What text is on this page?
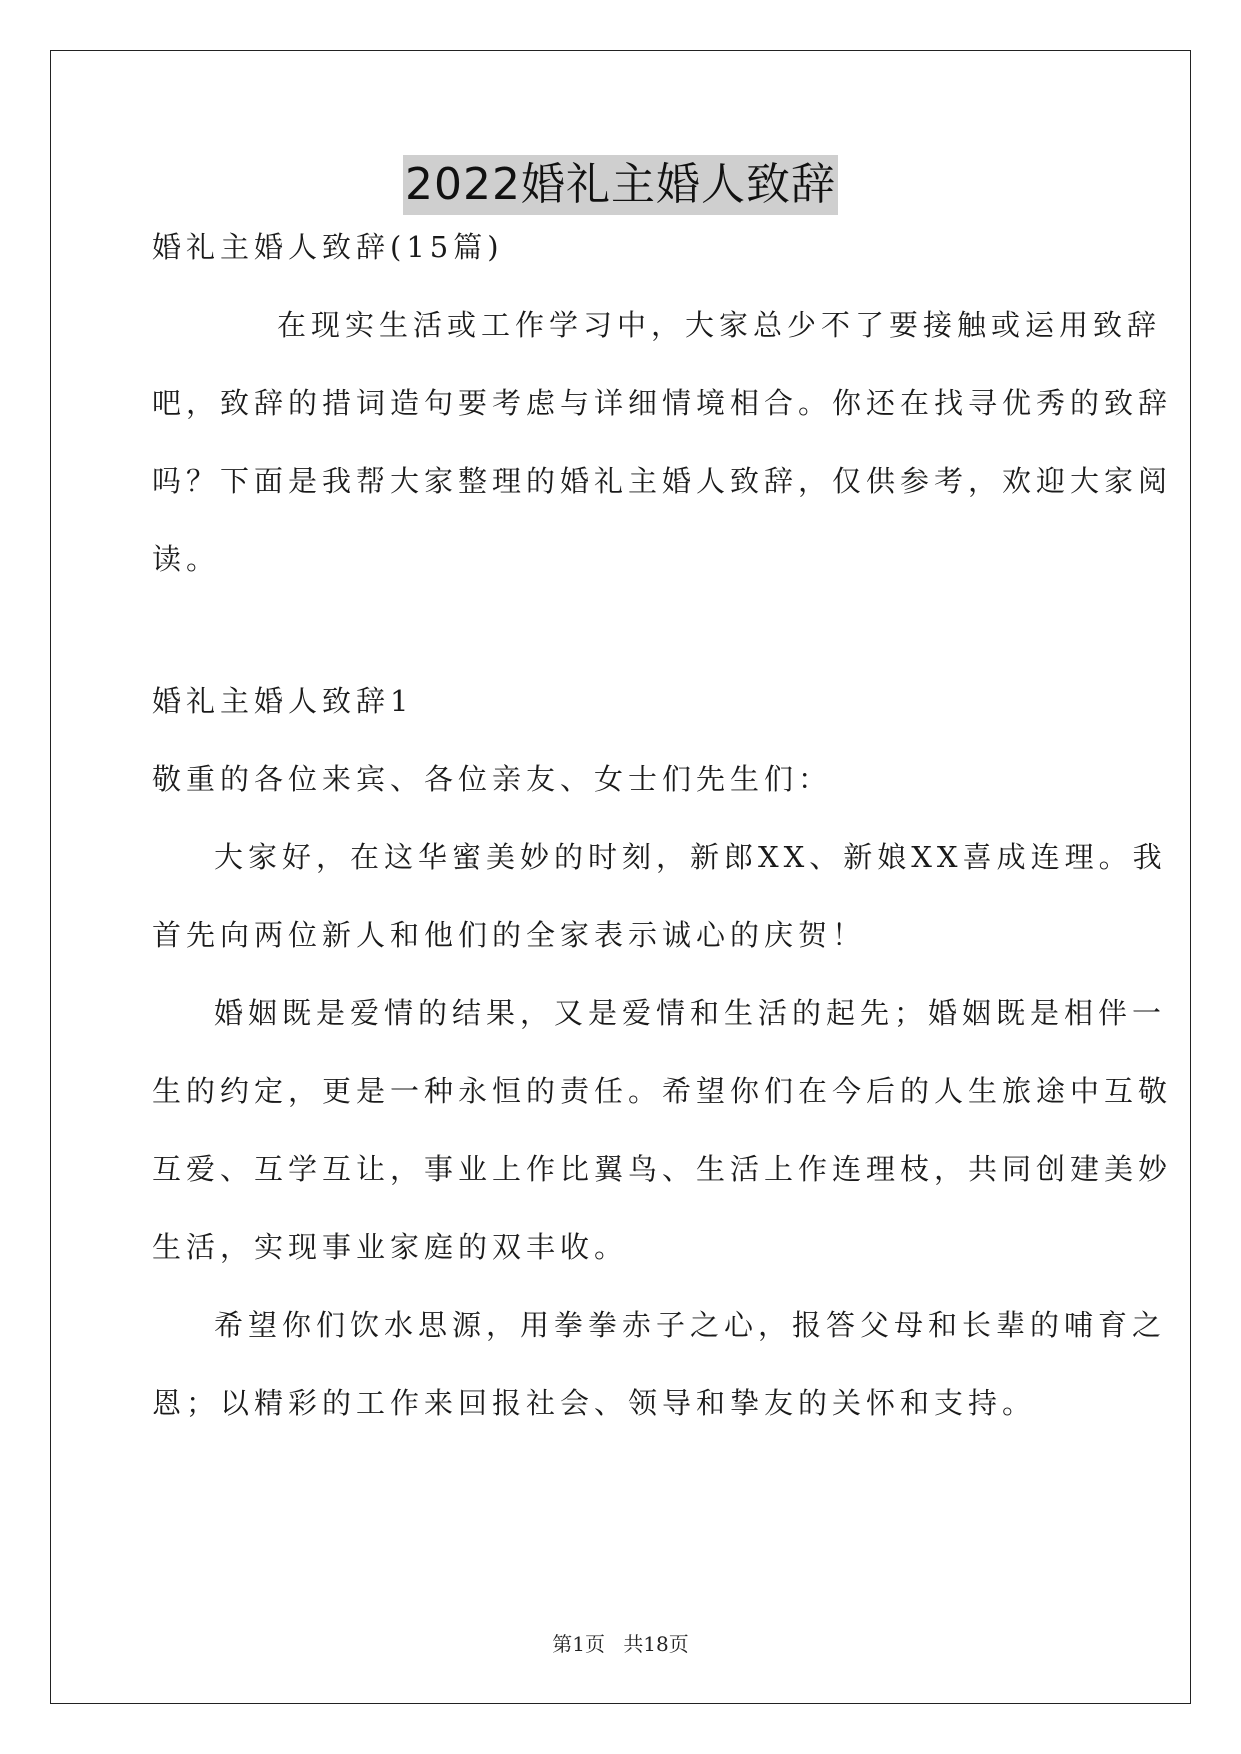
2022婚礼主婚人致辞
婚礼主婚人致辞(15篇)
在现实生活或工作学习中，大家总少不了要接触或运用致辞
吧，致辞的措词造句要考虑与详细情境相合。你还在找寻优秀的致辞
吗？下面是我帮大家整理的婚礼主婚人致辞，仅供参考，欢迎大家阅
读。
婚礼主婚人致辞1
敬重的各位来宾、各位亲友、女士们先生们：
大家好，在这华蜜美妙的时刻，新郎XX、新娘XX喜成连理。我
首先向两位新人和他们的全家表示诚心的庆贺！
婚姻既是爱情的结果，又是爱情和生活的起先；婚姻既是相伴一
生的约定，更是一种永恒的责任。希望你们在今后的人生旅途中互敬
互爱、互学互让，事业上作比翼鸟、生活上作连理枝，共同创建美妙
生活，实现事业家庭的双丰收。
希望你们饮水思源，用拳拳赤子之心，报答父母和长辈的哺育之
恩；以精彩的工作来回报社会、领导和挚友的关怀和支持。
第1页 共18页
